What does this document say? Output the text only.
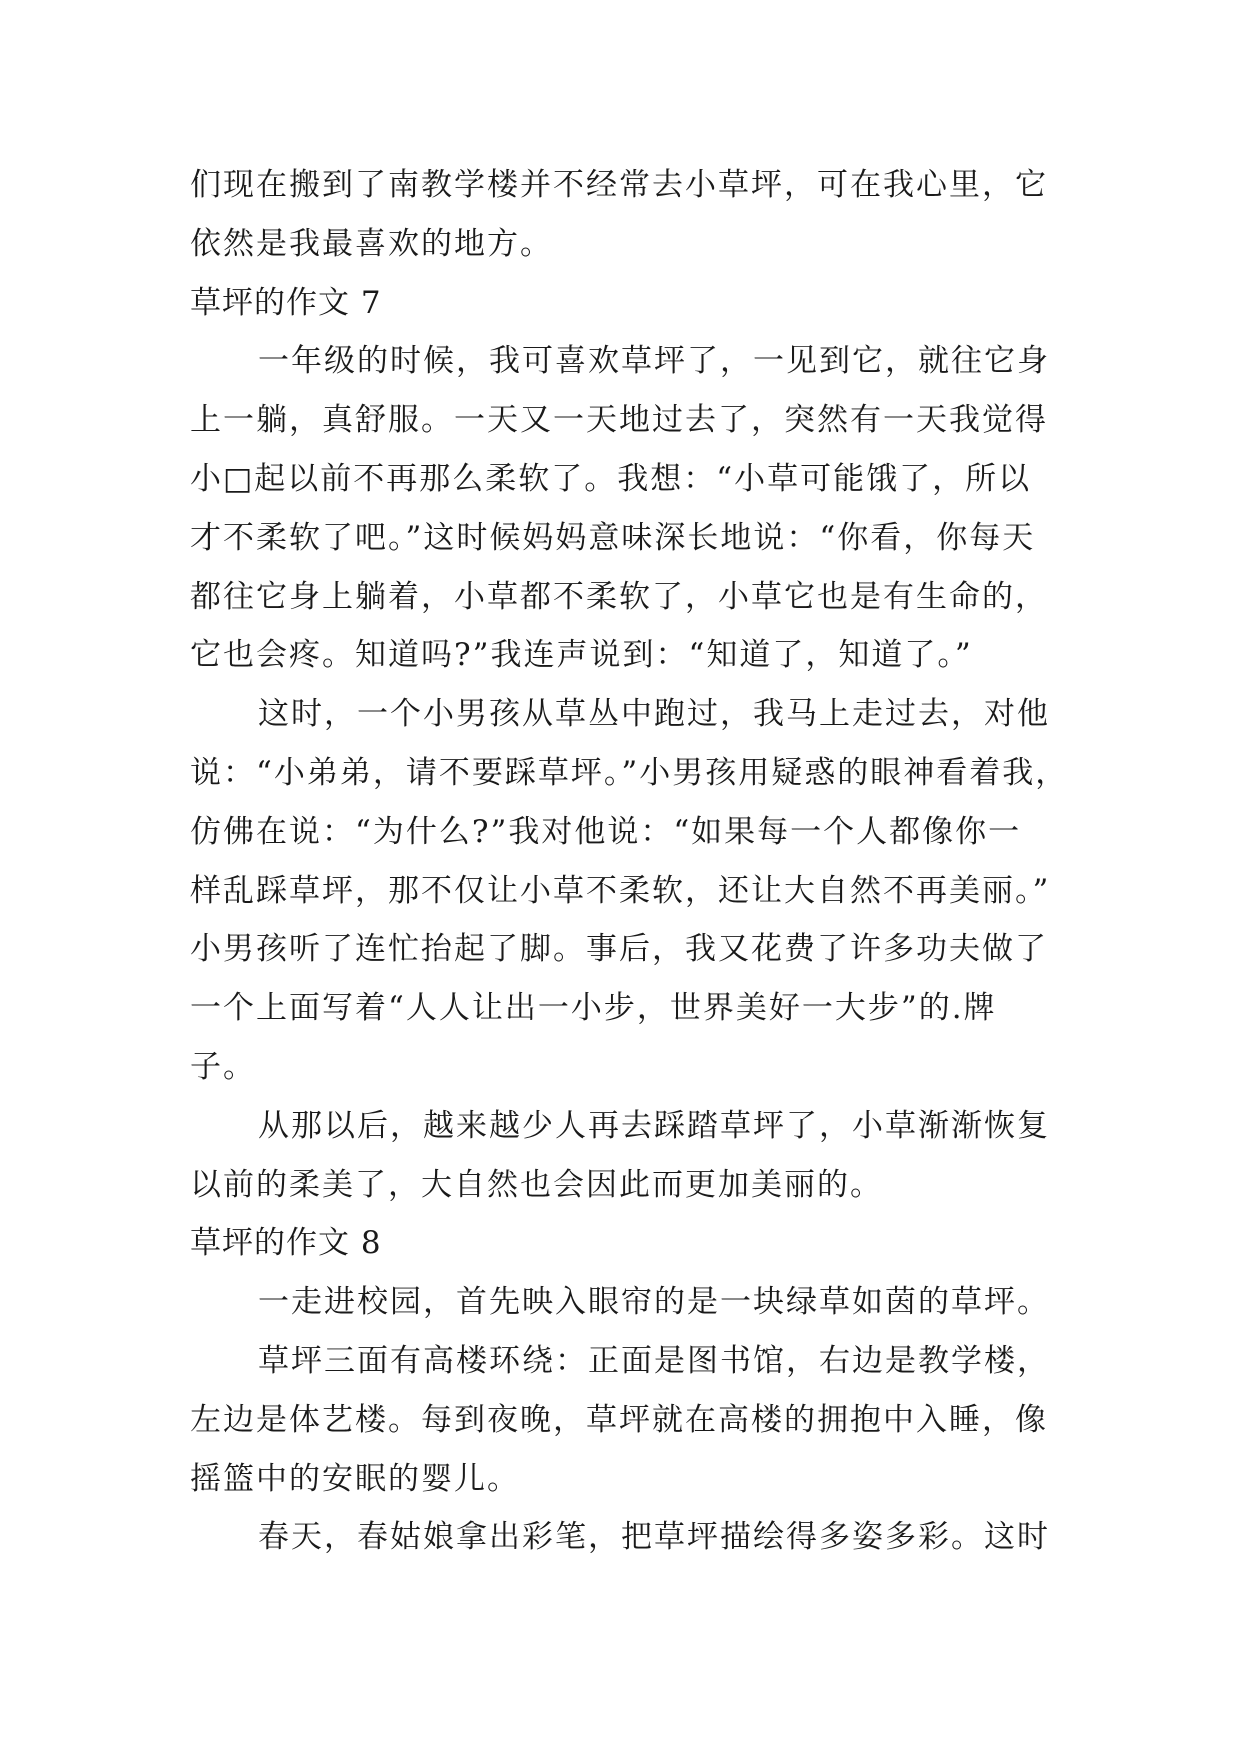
们现在搬到了南教学楼并不经常去小草坪，可在我心里，它
依然是我最喜欢的地方。
草坪的作文 7
一年级的时候，我可喜欢草坪了，一见到它，就往它身
上一躺，真舒服。一天又一天地过去了，突然有一天我觉得
小□起以前不再那么柔软了。我想：“小草可能饿了，所以
才不柔软了吧。”这时候妈妈意味深长地说：“你看，你每天
都往它身上躺着，小草都不柔软了，小草它也是有生命的，
它也会疼。知道吗?”我连声说到：“知道了，知道了。”
这时，一个小男孩从草丛中跑过，我马上走过去，对他
说：“小弟弟，请不要踩草坪。”小男孩用疑惑的眼神看着我，
仿佛在说：“为什么?”我对他说：“如果每一个人都像你一
样乱踩草坪，那不仅让小草不柔软，还让大自然不再美丽。”
小男孩听了连忙抬起了脚。事后，我又花费了许多功夫做了
一个上面写着“人人让出一小步，世界美好一大步”的.牌
子。
从那以后，越来越少人再去踩踏草坪了，小草渐渐恢复
以前的柔美了，大自然也会因此而更加美丽的。
草坪的作文 8
一走进校园，首先映入眼帘的是一块绿草如茵的草坪。
草坪三面有高楼环绕：正面是图书馆，右边是教学楼，
左边是体艺楼。每到夜晚，草坪就在高楼的拥抱中入睡，像
摇篮中的安眠的婴儿。
春天，春姑娘拿出彩笔，把草坪描绘得多姿多彩。这时
